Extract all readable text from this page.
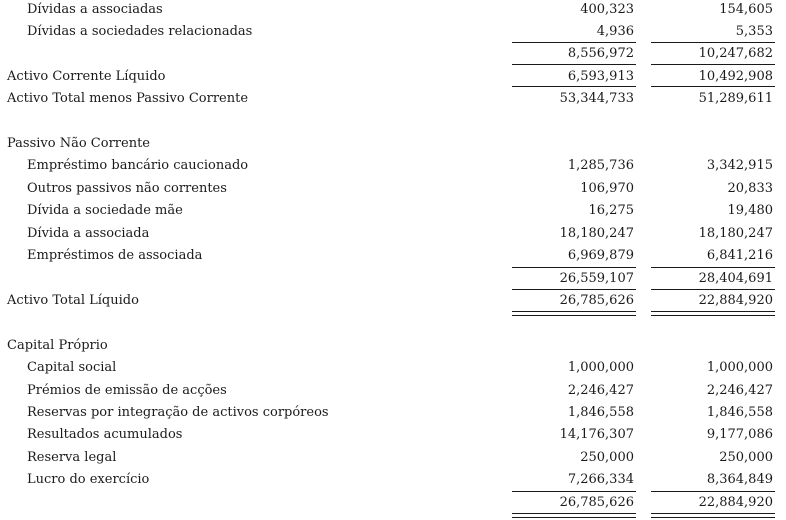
Dívidas a associadas	400,323	154,605
Dívidas a sociedades relacionadas	4,936	5,353
8,556,972	10,247,682
Activo Corrente Líquido	6,593,913	10,492,908
Activo Total menos Passivo Corrente	53,344,733	51,289,611
Passivo Não Corrente
Empréstimo bancário caucionado	1,285,736	3,342,915
Outros passivos não correntes	106,970	20,833
Dívida a sociedade mãe	16,275	19,480
Dívida a associada	18,180,247	18,180,247
Empréstimos de associada	6,969,879	6,841,216
26,559,107	28,404,691
Activo Total Líquido	26,785,626	22,884,920
Capital Próprio
Capital social	1,000,000	1,000,000
Prémios de emissão de acções	2,246,427	2,246,427
Reservas por integração de activos corpóreos	1,846,558	1,846,558
Resultados acumulados	14,176,307	9,177,086
Reserva legal	250,000	250,000
Lucro do exercício	7,266,334	8,364,849
26,785,626	22,884,920
